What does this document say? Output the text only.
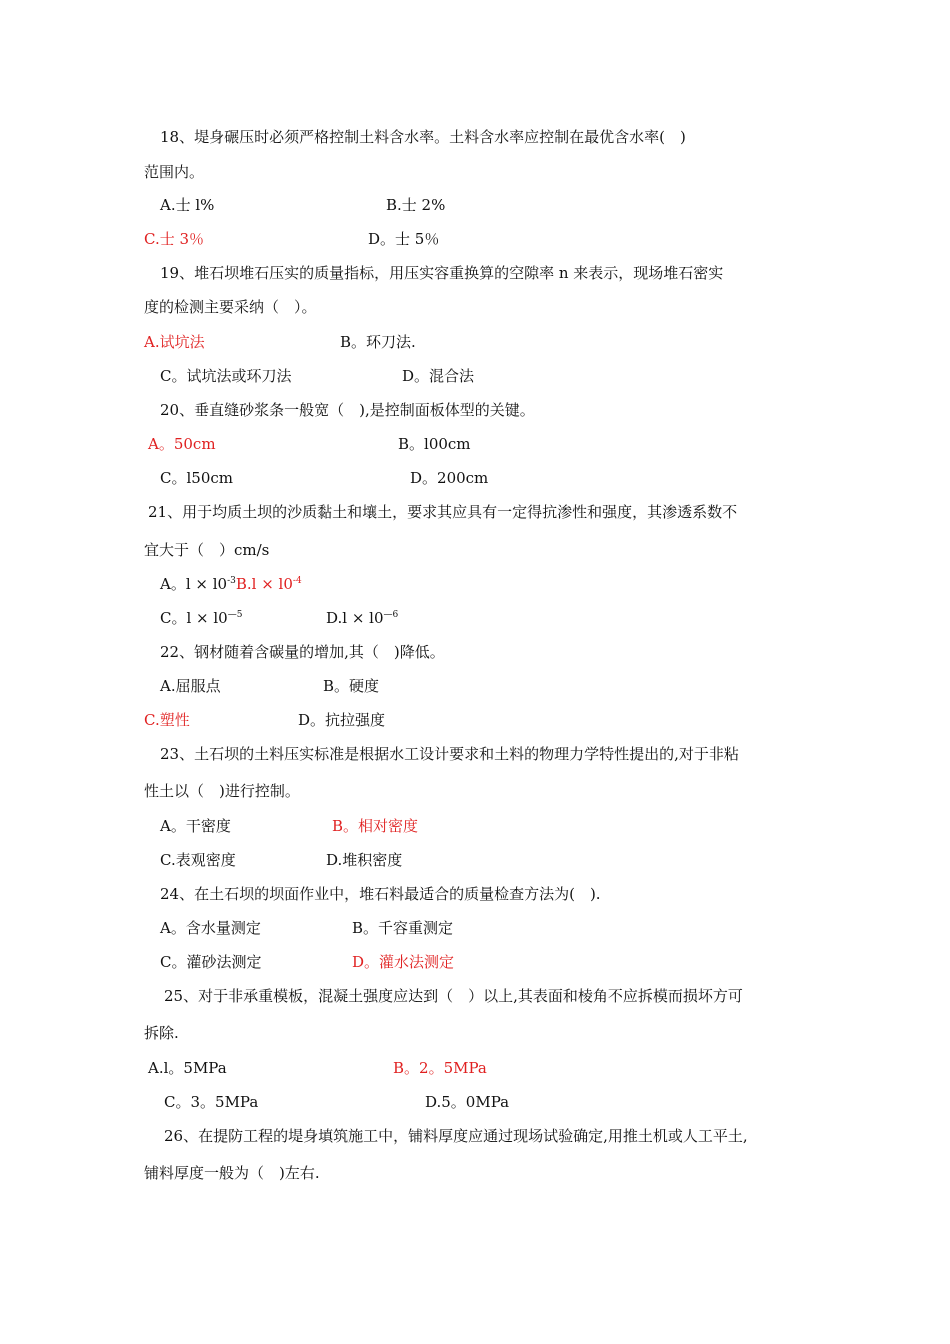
18、堤身碾压时必须严格控制土料含水率。土料含水率应控制在最优含水率(　)
范围内。
A.士 l%	B.士 2%
C.士 3％	D。士 5％
19、堆石坝堆石压实的质量指标，用压实容重换算的空隙率 n 来表示，现场堆石密实
度的检测主要采纳（　）。
A.试坑法	B。环刀法.
C。试坑法或环刀法	D。混合法
20、垂直缝砂浆条一般宽（　),是控制面板体型的关键。
A。50cm	B。l00cm
C。l50cm	D。200cm
21、用于均质土坝的沙质黏土和壤土，要求其应具有一定得抗渗性和强度，其渗透系数不
宜大于（　）cm/s
A。$l \times l0^{-3}B.l \times l0^{-4}$
C。$l \times l0^{—5}$	$D.l \times l0^{—6}$
22、钢材随着含碳量的增加,其（　)降低。
A.屈服点	B。硬度
C.塑性	D。抗拉强度
23、土石坝的土料压实标准是根据水工设计要求和土料的物理力学特性提出的,对于非粘
性土以（　)进行控制。
A。干密度	B。相对密度
C.表观密度	D.堆积密度
24、在土石坝的坝面作业中，堆石料最适合的质量检查方法为(　).
A。含水量测定	B。千容重测定
C。灌砂法测定	D。灌水法测定
25、对于非承重模板，混凝土强度应达到（　）以上,其表面和棱角不应拆模而损坏方可
拆除.
A.l。5MPa	B。2。5MPa
C。3。5MPa	D.5。0MPa
26、在提防工程的堤身填筑施工中，铺料厚度应通过现场试验确定,用推土机或人工平土,
铺料厚度一般为（　)左右.
